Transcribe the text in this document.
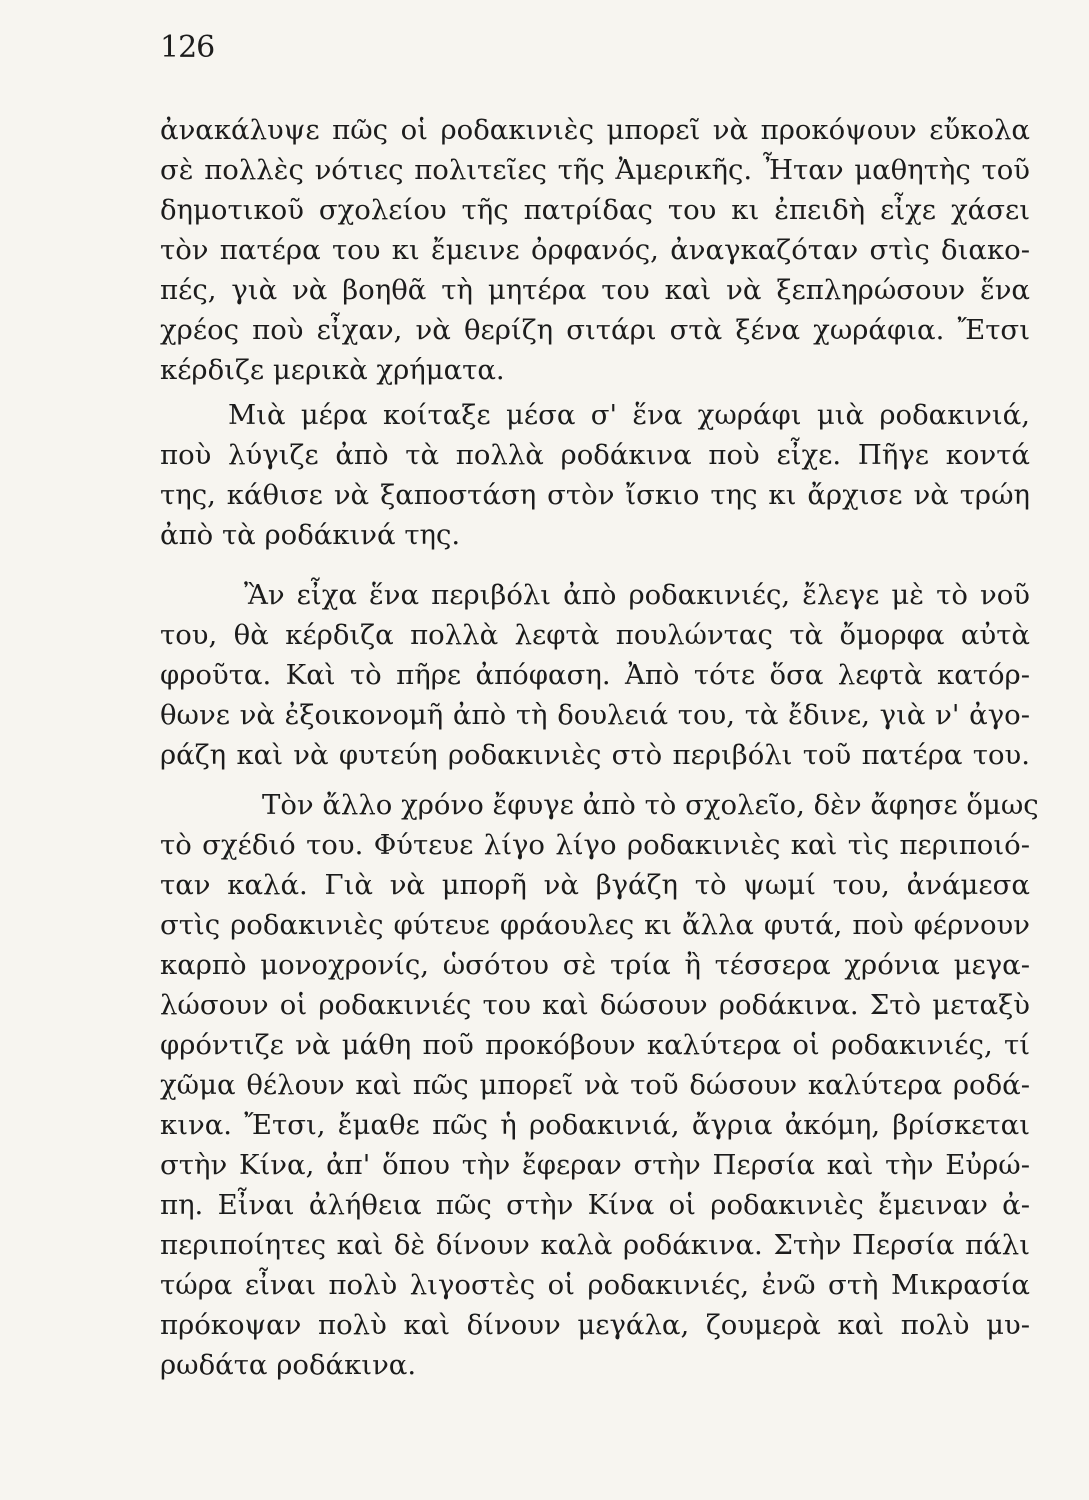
126
ἀνακάλυψε πῶς οἱ ροδακινιὲς μπορεῖ νὰ προκόψουν εὔκολα
σὲ πολλὲς νότιες πολιτεῖες τῆς Ἀμερικῆς. Ἦταν μαθητὴς τοῦ
δημοτικοῦ σχολείου τῆς πατρίδας του κι ἐπειδὴ εἶχε χάσει
τὸν πατέρα του κι ἔμεινε ὀρφανός, ἀναγκαζόταν στὶς διακο-
πές, γιὰ νὰ βοηθᾶ τὴ μητέρα του καὶ νὰ ξεπληρώσουν ἕνα
χρέος ποὺ εἶχαν, νὰ θερίζη σιτάρι στὰ ξένα χωράφια. Ἔτσι
κέρδιζε μερικὰ χρήματα.
Μιὰ μέρα κοίταξε μέσα σ' ἕνα χωράφι μιὰ ροδακινιά,
ποὺ λύγιζε ἀπὸ τὰ πολλὰ ροδάκινα ποὺ εἶχε. Πῆγε κοντά
της, κάθισε νὰ ξαποστάση στὸν ἴσκιο της κι ἄρχισε νὰ τρώη
ἀπὸ τὰ ροδάκινά της.
Ἂν εἶχα ἕνα περιβόλι ἀπὸ ροδακινιές, ἔλεγε μὲ τὸ νοῦ
του, θὰ κέρδιζα πολλὰ λεφτὰ πουλώντας τὰ ὄμορφα αὐτὰ
φροῦτα. Καὶ τὸ πῆρε ἀπόφαση. Ἀπὸ τότε ὅσα λεφτὰ κατόρ-
θωνε νὰ ἐξοικονομῆ ἀπὸ τὴ δουλειά του, τὰ ἔδινε, γιὰ ν' ἀγο-
ράζη καὶ νὰ φυτεύη ροδακινιὲς στὸ περιβόλι τοῦ πατέρα του.
Τὸν ἄλλο χρόνο ἔφυγε ἀπὸ τὸ σχολεῖο, δὲν ἄφησε ὅμως
τὸ σχέδιό του. Φύτευε λίγο λίγο ροδακινιὲς καὶ τὶς περιποιό-
ταν καλά. Γιὰ νὰ μπορῆ νὰ βγάζη τὸ ψωμί του, ἀνάμεσα
στὶς ροδακινιὲς φύτευε φράουλες κι ἄλλα φυτά, ποὺ φέρνουν
καρπὸ μονοχρονίς, ὡσότου σὲ τρία ἢ τέσσερα χρόνια μεγα-
λώσουν οἱ ροδακινιές του καὶ δώσουν ροδάκινα. Στὸ μεταξὺ
φρόντιζε νὰ μάθη ποῦ προκόβουν καλύτερα οἱ ροδακινιές, τί
χῶμα θέλουν καὶ πῶς μπορεῖ νὰ τοῦ δώσουν καλύτερα ροδά-
κινα. Ἔτσι, ἔμαθε πῶς ἡ ροδακινιά, ἄγρια ἀκόμη, βρίσκεται
στὴν Κίνα, ἀπ' ὅπου τὴν ἔφεραν στὴν Περσία καὶ τὴν Εὐρώ-
πη. Εἶναι ἀλήθεια πῶς στὴν Κίνα οἱ ροδακινιὲς ἔμειναν ἀ-
περιποίητες καὶ δὲ δίνουν καλὰ ροδάκινα. Στὴν Περσία πάλι
τώρα εἶναι πολὺ λιγοστὲς οἱ ροδακινιές, ἐνῶ στὴ Μικρασία
πρόκοψαν πολὺ καὶ δίνουν μεγάλα, ζουμερὰ καὶ πολὺ μυ-
ρωδάτα ροδάκινα.
